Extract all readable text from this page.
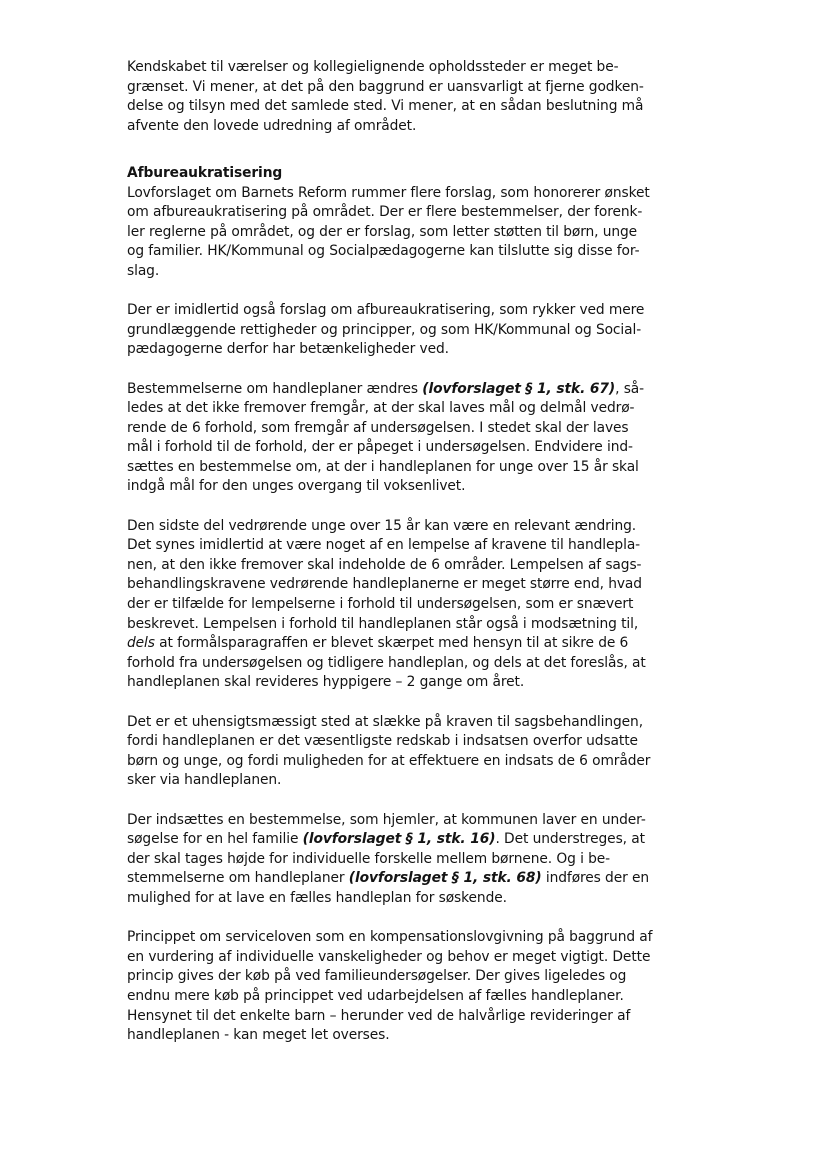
Kendskabet til værelser og kollegielignende opholdssteder er meget be-
grænset. Vi mener, at det på den baggrund er uansvarligt at fjerne godken-
delse og tilsyn med det samlede sted. Vi mener, at en sådan beslutning må
afvente den lovede udredning af området.

Afbureaukratisering
Lovforslaget om Barnets Reform rummer flere forslag, som honorerer ønsket
om afbureaukratisering på området. Der er flere bestemmelser, der forenk-
ler reglerne på området, og der er forslag, som letter støtten til børn, unge
og familier. HK/Kommunal og Socialpædagogerne kan tilslutte sig disse for-
slag.

Der er imidlertid også forslag om afbureaukratisering, som rykker ved mere
grundlæggende rettigheder og principper, og som HK/Kommunal og Social-
pædagogerne derfor har betænkeligheder ved.

Bestemmelserne om handleplaner ændres (lovforslaget § 1, stk. 67), så-
ledes at det ikke fremover fremgår, at der skal laves mål og delmål vedrø-
rende de 6 forhold, som fremgår af undersøgelsen. I stedet skal der laves
mål i forhold til de forhold, der er påpeget i undersøgelsen. Endvidere ind-
sættes en bestemmelse om, at der i handleplanen for unge over 15 år skal
indgå mål for den unges overgang til voksenlivet.

Den sidste del vedrørende unge over 15 år kan være en relevant ændring.
Det synes imidlertid at være noget af en lempelse af kravene til handlepla-
nen, at den ikke fremover skal indeholde de 6 områder. Lempelsen af sags-
behandlingskravene vedrørende handleplanerne er meget større end, hvad
der er tilfælde for lempelserne i forhold til undersøgelsen, som er snævert
beskrevet. Lempelsen i forhold til handleplanen står også i modsætning til,
dels at formålsparagraffen er blevet skærpet med hensyn til at sikre de 6
forhold fra undersøgelsen og tidligere handleplan, og dels at det foreslås, at
handleplanen skal revideres hyppigere – 2 gange om året.

Det er et uhensigtsmæssigt sted at slække på kraven til sagsbehandlingen,
fordi handleplanen er det væsentligste redskab i indsatsen overfor udsatte
børn og unge, og fordi muligheden for at effektuere en indsats de 6 områder
sker via handleplanen.

Der indsættes en bestemmelse, som hjemler, at kommunen laver en under-
søgelse for en hel familie (lovforslaget § 1, stk. 16). Det understreges, at
der skal tages højde for individuelle forskelle mellem børnene. Og i be-
stemmelserne om handleplaner (lovforslaget § 1, stk. 68) indføres der en
mulighed for at lave en fælles handleplan for søskende.

Princippet om serviceloven som en kompensationslovgivning på baggrund af
en vurdering af individuelle vanskeligheder og behov er meget vigtigt. Dette
princip gives der køb på ved familieundersøgelser. Der gives ligeledes og
endnu mere køb på princippet ved udarbejdelsen af fælles handleplaner.
Hensynet til det enkelte barn – herunder ved de halvårlige revideringer af
handleplanen - kan meget let overses.
